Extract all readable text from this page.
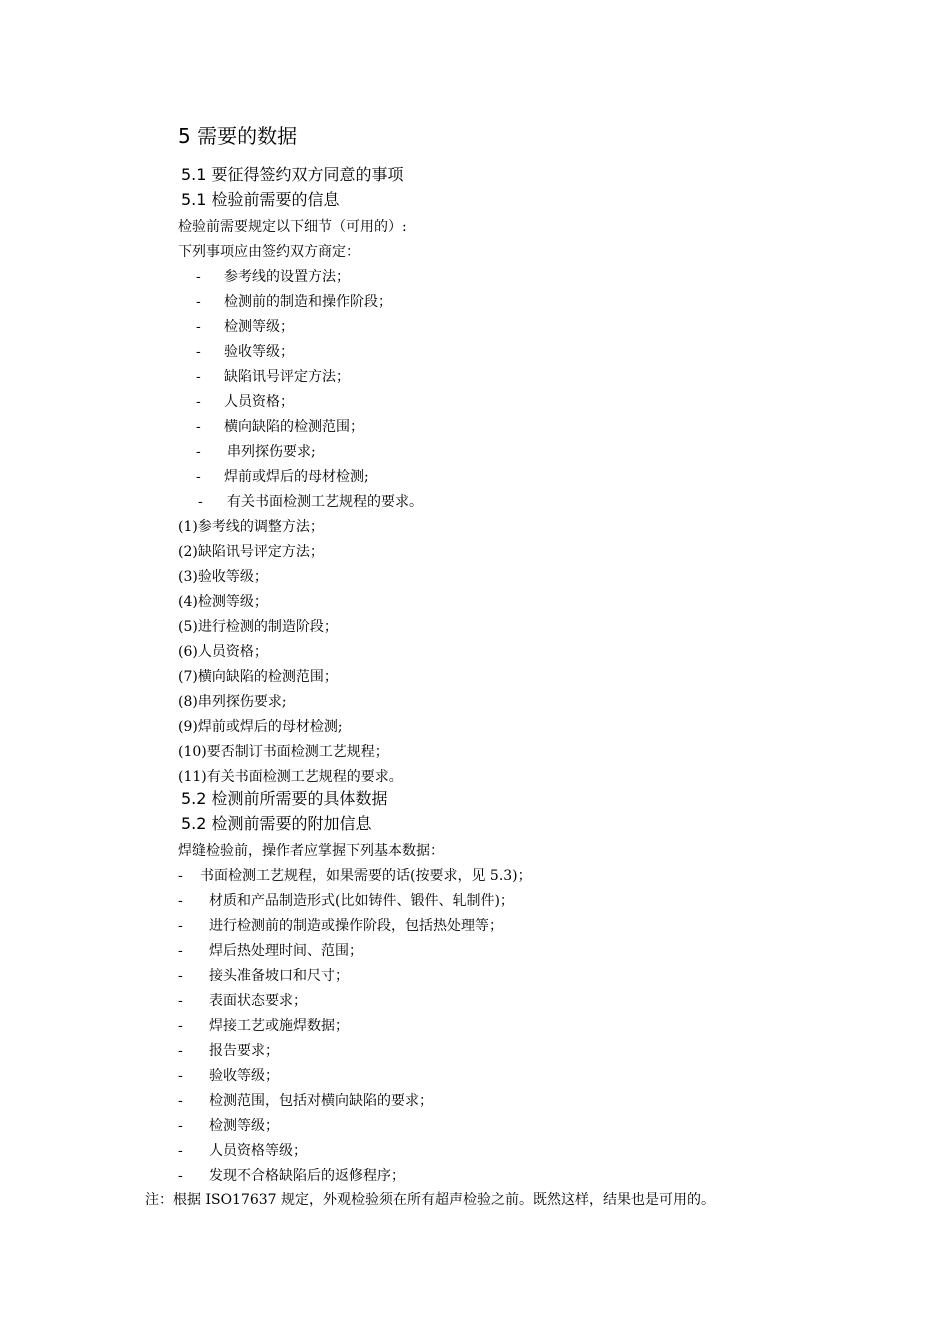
5 需要的数据
5.1 要征得签约双方同意的事项
5.1 检验前需要的信息
检验前需要规定以下细节（可用的）:
下列事项应由签约双方商定：
- 参考线的设置方法；
- 检测前的制造和操作阶段；
- 检测等级；
- 验收等级；
- 缺陷讯号评定方法；
- 人员资格；
- 横向缺陷的检测范围；
- 串列探伤要求;
- 焊前或焊后的母材检测;
- 有关书面检测工艺规程的要求。
(1)参考线的调整方法；
(2)缺陷讯号评定方法；
(3)验收等级；
(4)检测等级；
(5)进行检测的制造阶段；
(6)人员资格；
(7)横向缺陷的检测范围；
(8)串列探伤要求;
(9)焊前或焊后的母材检测;
(10)要否制订书面检测工艺规程；
(11)有关书面检测工艺规程的要求。
5.2 检测前所需要的具体数据
5.2 检测前需要的附加信息
焊缝检验前，操作者应掌握下列基本数据：
- 书面检测工艺规程，如果需要的话(按要求，见 5.3)；
- 材质和产品制造形式(比如铸件、锻件、轧制件)；
- 进行检测前的制造或操作阶段，包括热处理等；
- 焊后热处理时间、范围；
- 接头准备坡口和尺寸；
- 表面状态要求；
- 焊接工艺或施焊数据；
- 报告要求；
- 验收等级；
- 检测范围，包括对横向缺陷的要求；
- 检测等级；
- 人员资格等级；
- 发现不合格缺陷后的返修程序；
注：根据 ISO17637 规定，外观检验须在所有超声检验之前。既然这样，结果也是可用的。
